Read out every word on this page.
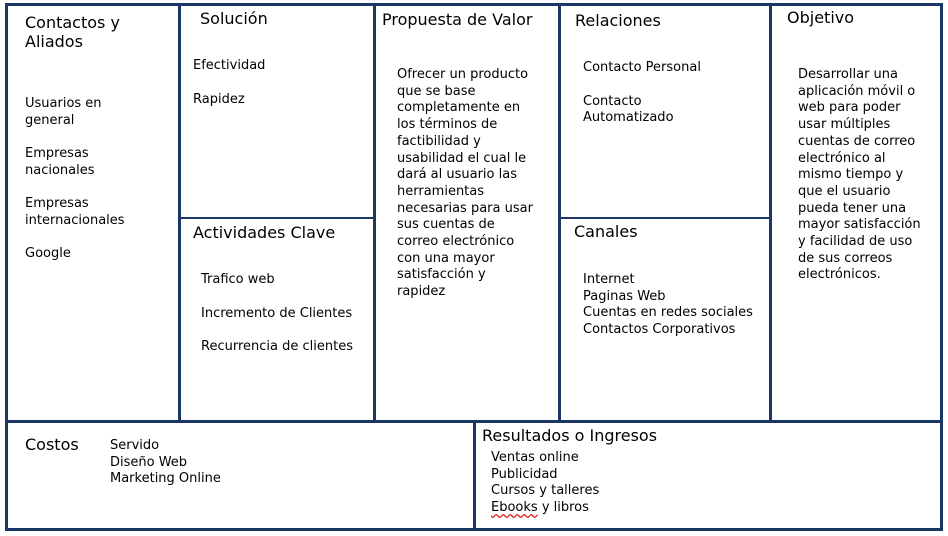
Contactos y
Aliados
Usuarios en
general
Empresas
nacionales
Empresas
internacionales
Google
Solución
Efectividad
Rapidez
Actividades Clave
Trafico web
Incremento de Clientes
Recurrencia de clientes
Propuesta de Valor
Ofrecer un producto
que se base
completamente en
los términos de
factibilidad y
usabilidad el cual le
dará al usuario las
herramientas
necesarias para usar
sus cuentas de
correo electrónico
con una mayor
satisfacción y
rapidez
Relaciones
Contacto Personal
Contacto
Automatizado
Canales
Internet
Paginas Web
Cuentas en redes sociales
Contactos Corporativos
Objetivo
Desarrollar una
aplicación móvil o
web para poder
usar múltiples
cuentas de correo
electrónico al
mismo tiempo y
que el usuario
pueda tener una
mayor satisfacción
y facilidad de uso
de sus correos
electrónicos.
Costos Servido
Diseño Web
Marketing Online
Resultados o Ingresos
Ventas online
Publicidad
Cursos y talleres
Ebooks y libros
